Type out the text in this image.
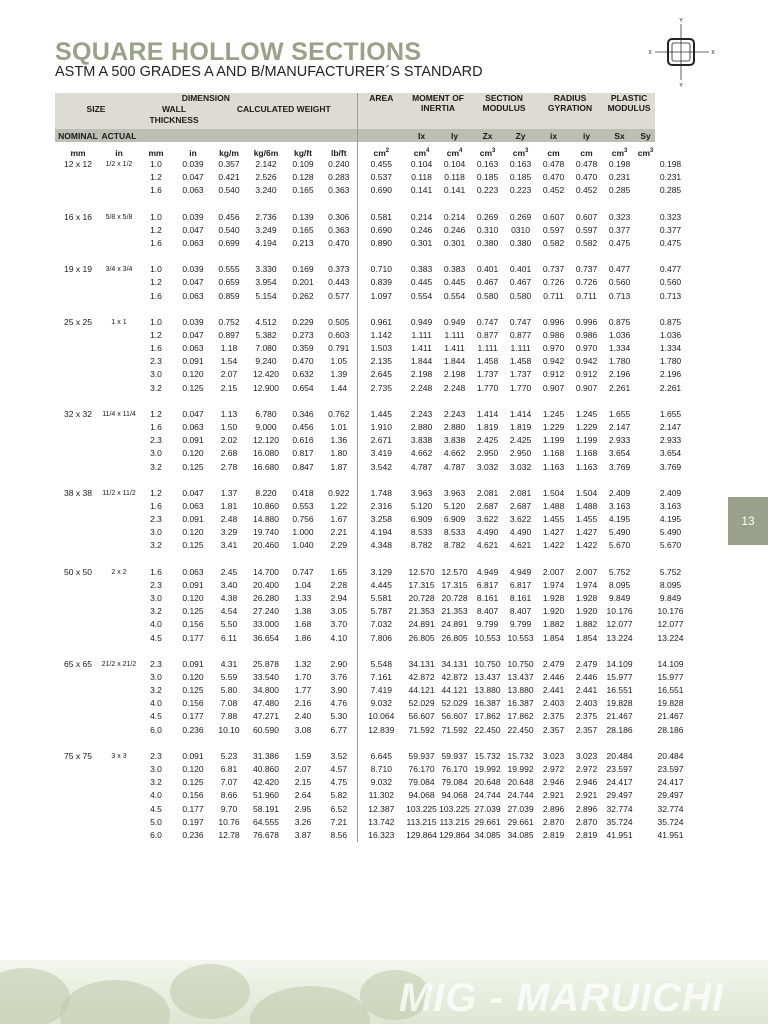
SQUARE HOLLOW SECTIONS
ASTM A 500 GRADES A AND B/MANUFACTURER´S STANDARD
Y
Y
X	X
DIMENSION								AREA	MOMENT OF INERTIA		SECTION MODULUS		RADIUS GYRATION		PLASTIC MODULUS	
SIZE		WALL THICKNESS		CALCULATED WEIGHT												
NOMINAL	ACTUAL								Ix	Iy	Zx	Zy	ix	iy	Sx	Sy
mm	in	mm	in	kg/m	kg/6m	kg/ft	lb/ft	$cm^2$	$cm^4$	$cm^4$	$cm^3$	$cm^3$	cm	cm	$cm^3$	$cm^3$
12 x 12	1/2 x 1/2	1.0	0.039	0.357	2.142	0.109	0.240	0.455	0.104	0.104	0.163	0.163	0.478	0.478	0.198	0.198
		1.2	0.047	0.421	2.526	0.128	0.283	0.537	0.118	0.118	0.185	0.185	0.470	0.470	0.231	0.231
		1.6	0.063	0.540	3.240	0.165	0.363	0.690	0.141	0.141	0.223	0.223	0.452	0.452	0.285	0.285

16 x 16	5/8 x 5/8	1.0	0.039	0.456	2.736	0.139	0.306	0.581	0.214	0.214	0.269	0.269	0.607	0.607	0.323	0.323
		1.2	0.047	0.540	3.249	0.165	0.363	0.690	0.246	0.246	0.310	0310	0.597	0.597	0.377	0.377
		1.6	0.063	0.699	4.194	0.213	0.470	0.890	0.301	0.301	0.380	0.380	0.582	0.582	0.475	0.475

19 x 19	3/4 x 3/4	1.0	0.039	0.555	3.330	0.169	0.373	0.710	0.383	0.383	0.401	0.401	0.737	0.737	0.477	0.477
		1.2	0.047	0.659	3.954	0.201	0.443	0.839	0.445	0.445	0.467	0.467	0.726	0.726	0.560	0.560
		1.6	0.063	0.859	5.154	0.262	0.577	1.097	0.554	0.554	0.580	0.580	0.711	0.711	0.713	0.713

25 x 25	1 x 1	1.0	0.039	0.752	4.512	0.229	0.505	0.961	0.949	0.949	0.747	0.747	0.996	0.996	0.875	0.875
		1.2	0.047	0.897	5.382	0.273	0.603	1.142	1.111	1.111	0.877	0.877	0.986	0.986	1.036	1.036
		1.6	0.063	1.18	7.080	0.359	0.791	1.503	1.411	1.411	1.111	1.111	0.970	0.970	1.334	1.334
		2.3	0.091	1.54	9.240	0.470	1.05	2.135	1.844	1.844	1.458	1.458	0.942	0.942	1.780	1.780
		3.0	0.120	2.07	12.420	0.632	1.39	2.645	2.198	2.198	1.737	1.737	0.912	0.912	2.196	2.196
		3.2	0.125	2.15	12.900	0.654	1.44	2.735	2.248	2.248	1.770	1.770	0.907	0.907	2.261	2.261

32 x 32	11/4 x 11/4	1.2	0.047	1.13	6.780	0.346	0.762	1.445	2.243	2.243	1.414	1.414	1.245	1.245	1.655	1.655
		1.6	0.063	1.50	9.000	0.456	1.01	1.910	2.880	2.880	1.819	1.819	1.229	1.229	2.147	2.147
		2.3	0.091	2.02	12.120	0.616	1.36	2.671	3.838	3.838	2.425	2.425	1.199	1.199	2.933	2.933
		3.0	0.120	2.68	16.080	0.817	1.80	3.419	4.662	4.662	2.950	2.950	1.168	1.168	3.654	3.654
		3.2	0.125	2.78	16.680	0.847	1.87	3.542	4.787	4.787	3.032	3.032	1.163	1.163	3.769	3.769

38 x 38	11/2 x 11/2	1.2	0.047	1.37	8.220	0.418	0.922	1.748	3.963	3.963	2.081	2.081	1.504	1.504	2.409	2.409
		1.6	0.063	1.81	10.860	0.553	1.22	2.316	5.120	5.120	2.687	2.687	1.488	1.488	3.163	3.163
		2.3	0.091	2.48	14.880	0.756	1.67	3.258	6.909	6.909	3.622	3.622	1.455	1.455	4.195	4.195
		3.0	0.120	3.29	19.740	1.000	2.21	4.194	8.533	8.533	4.490	4.490	1.427	1.427	5.490	5.490
		3.2	0.125	3.41	20.460	1.040	2.29	4.348	8.782	8.782	4.621	4.621	1.422	1.422	5.670	5.670

50 x 50	2 x 2	1.6	0.063	2.45	14.700	0.747	1.65	3.129	12.570	12.570	4.949	4.949	2.007	2.007	5.752	5.752
		2.3	0.091	3.40	20.400	1.04	2.28	4.445	17.315	17.315	6.817	6.817	1.974	1.974	8.095	8.095
		3.0	0.120	4.38	26.280	1.33	2.94	5.581	20.728	20.728	8.161	8.161	1.928	1.928	9.849	9.849
		3.2	0.125	4.54	27.240	1.38	3.05	5.787	21.353	21.353	8.407	8.407	1.920	1.920	10.176	10.176
		4.0	0.156	5.50	33.000	1.68	3.70	7.032	24.891	24.891	9.799	9.799	1.882	1.882	12.077	12.077
		4.5	0.177	6.11	36.654	1.86	4.10	7.806	26.805	26.805	10.553	10.553	1.854	1.854	13.224	13.224

65 x 65	21/2 x 21/2	2.3	0.091	4.31	25.878	1.32	2.90	5.548	34.131	34.131	10.750	10.750	2.479	2.479	14.109	14.109
		3.0	0.120	5.59	33.540	1.70	3.76	7.161	42.872	42.872	13.437	13.437	2.446	2.446	15.977	15.977
		3.2	0.125	5.80	34.800	1.77	3.90	7.419	44.121	44.121	13.880	13.880	2.441	2.441	16.551	16.551
		4.0	0.156	7.08	47.480	2.16	4.76	9.032	52.029	52.029	16.387	16.387	2.403	2.403	19.828	19.828
		4.5	0.177	7.88	47.271	2.40	5.30	10.064	56.607	56.607	17.862	17.862	2.375	2.375	21.467	21.467
		6.0	0.236	10.10	60.590	3.08	6.77	12.839	71.592	71.592	22.450	22.450	2.357	2.357	28.186	28.186

75 x 75	3 x 3	2.3	0.091	5.23	31.386	1.59	3.52	6.645	59.937	59.937	15.732	15.732	3.023	3.023	20.484	20.484
		3.0	0.120	6.81	40.860	2.07	4.57	8.710	76.170	76.170	19.992	19.992	2.972	2.972	23.597	23.597
		3.2	0.125	7.07	42.420	2.15	4.75	9.032	79.084	79.084	20.648	20.648	2.946	2.946	24.417	24.417
		4.0	0.156	8.66	51.960	2.64	5.82	11.302	94.068	94.068	24.744	24.744	2.921	2.921	29.497	29.497
		4.5	0.177	9.70	58.191	2.95	6.52	12.387	103.225	103.225	27.039	27.039	2.896	2.896	32.774	32.774
		5.0	0.197	10.76	64.555	3.26	7.21	13.742	113.215	113.215	29.661	29.661	2.870	2.870	35.724	35.724
		6.0	0.236	12.78	76.678	3.87	8.56	16.323	129.864	129.864	34.085	34.085	2.819	2.819	41.951	41.951
13
MIG - MARUICHI
